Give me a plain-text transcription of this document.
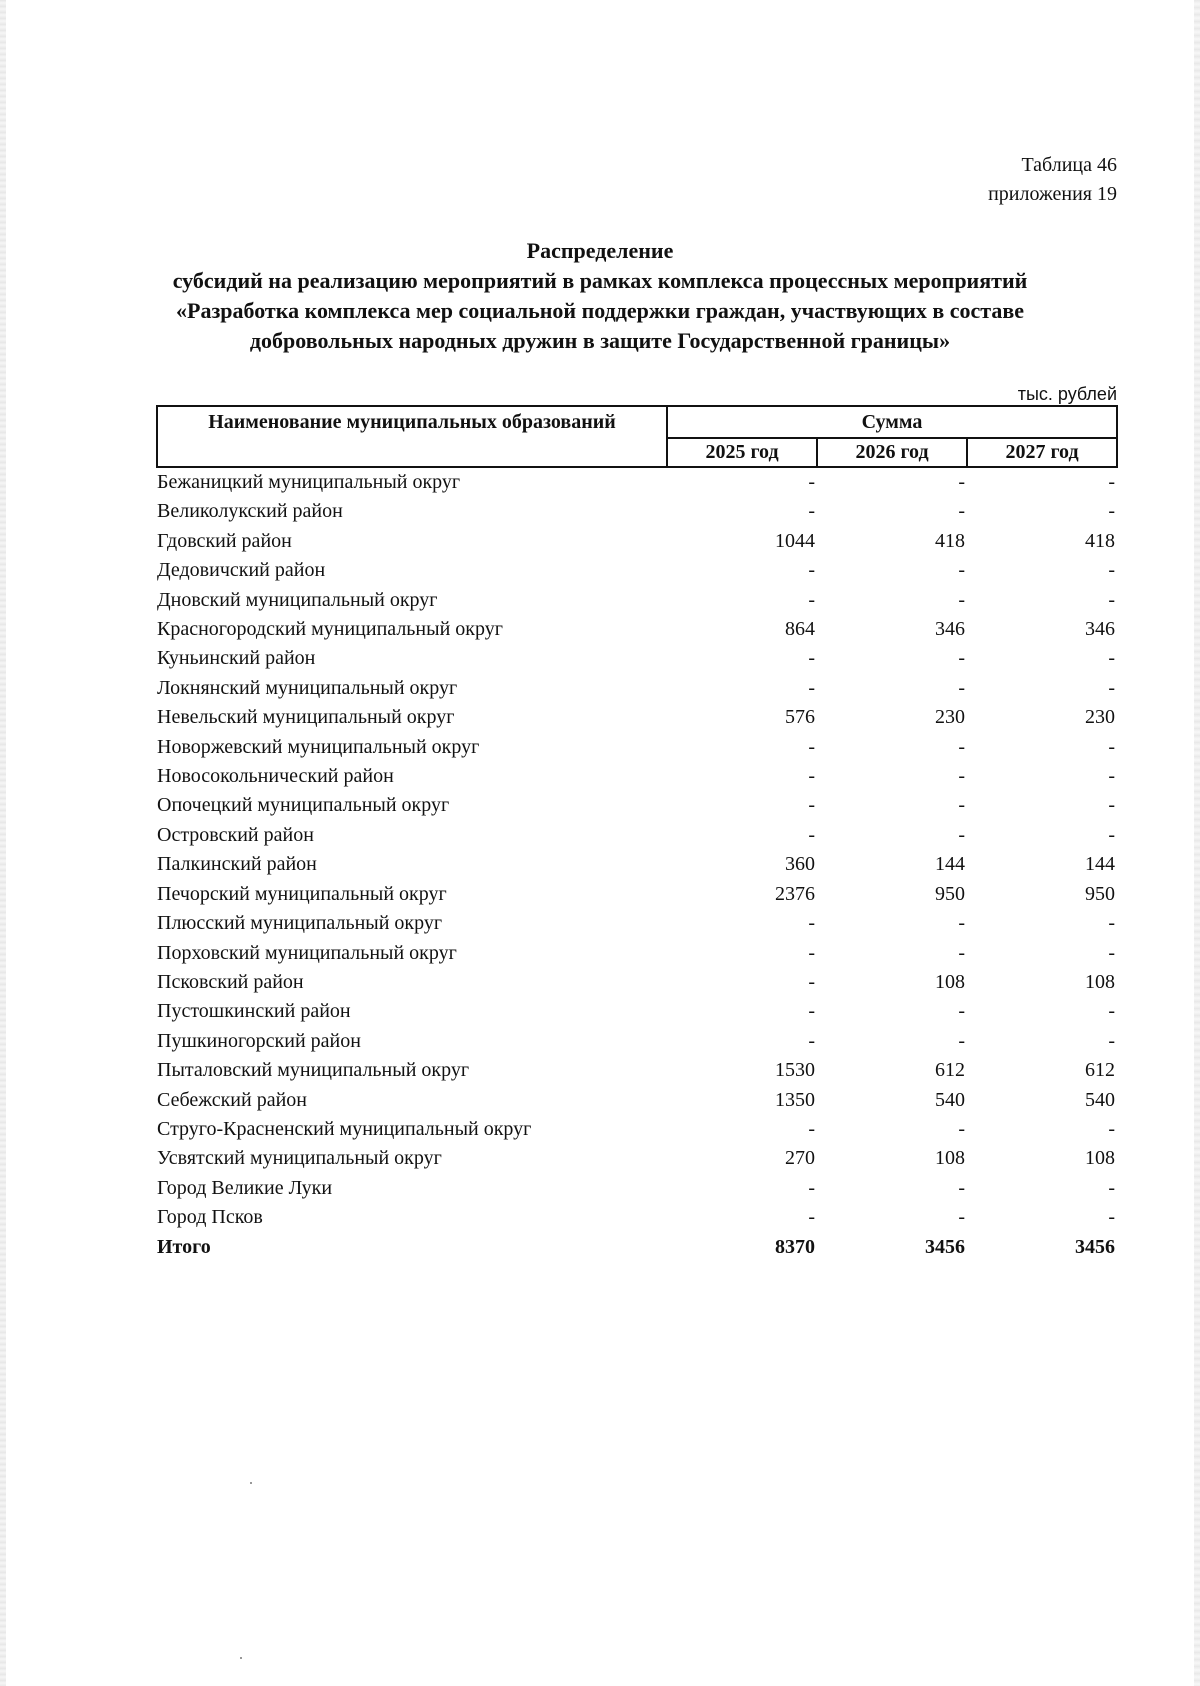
Таблица 46
приложения 19
Распределение
субсидий на реализацию мероприятий в рамках комплекса процессных мероприятий
«Разработка комплекса мер социальной поддержки граждан, участвующих в составе
добровольных народных дружин в защите Государственной границы»
тыс. рублей
Наименование муниципальных образований	Сумма		
	2025 год	2026 год	2027 год
Бежаницкий муниципальный округ	-	-	-
Великолукский район	-	-	-
Гдовский район	1044	418	418
Дедовичский район	-	-	-
Дновский муниципальный округ	-	-	-
Красногородский муниципальный округ	864	346	346
Куньинский район	-	-	-
Локнянский муниципальный округ	-	-	-
Невельский муниципальный округ	576	230	230
Новоржевский муниципальный округ	-	-	-
Новосокольнический район	-	-	-
Опочецкий муниципальный округ	-	-	-
Островский район	-	-	-
Палкинский район	360	144	144
Печорский муниципальный округ	2376	950	950
Плюсский муниципальный округ	-	-	-
Порховский муниципальный округ	-	-	-
Псковский район	-	108	108
Пустошкинский район	-	-	-
Пушкиногорский район	-	-	-
Пыталовский муниципальный округ	1530	612	612
Себежский район	1350	540	540
Струго-Красненский муниципальный округ	-	-	-
Усвятский муниципальный округ	270	108	108
Город Великие Луки	-	-	-
Город Псков	-	-	-
Итого	8370	3456	3456
